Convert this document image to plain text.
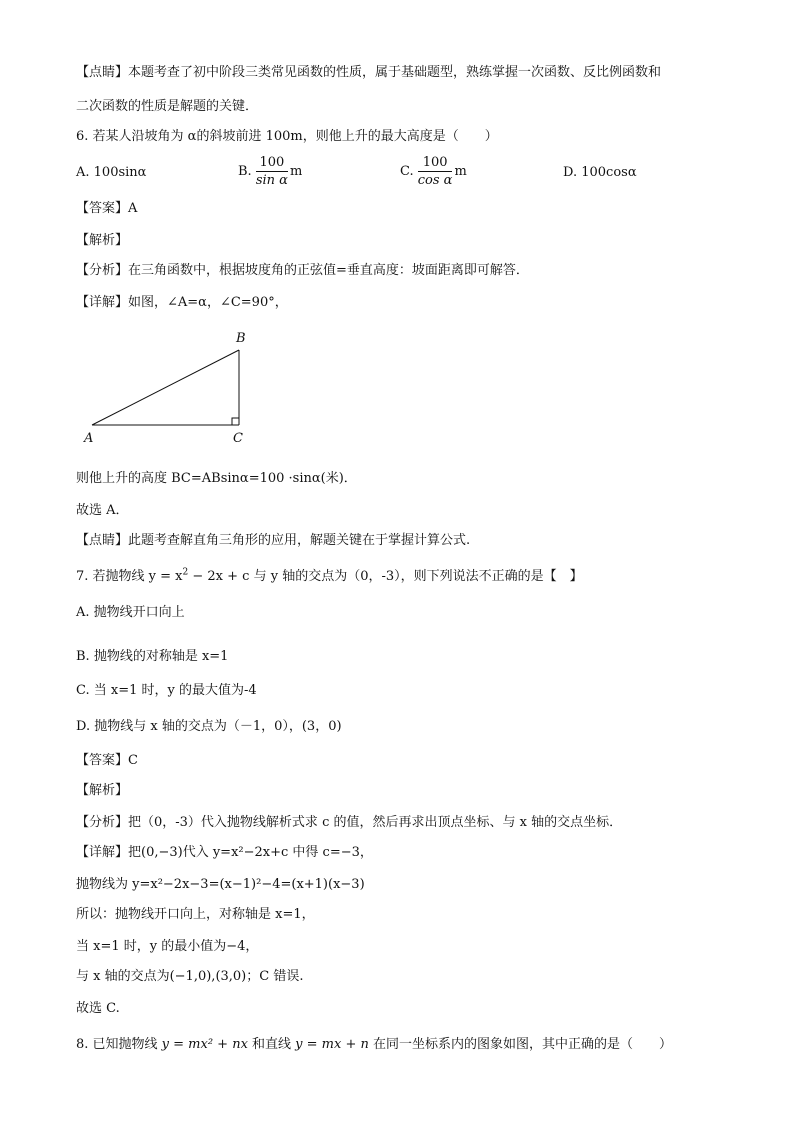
【点睛】本题考查了初中阶段三类常见函数的性质，属于基础题型，熟练掌握一次函数、反比例函数和
二次函数的性质是解题的关键．
6. 若某人沿坡角为 α的斜坡前进 100m，则他上升的最大高度是（　　）
A. 100sinα	B. $\frac{100}{\text{sin α}}$ m	C. $\frac{100}{\text{cos α}}$ m	D. 100cosα
【答案】A
【解析】
【分析】在三角函数中，根据坡度角的正弦值=垂直高度：坡面距离即可解答．
【详解】如图，∠A=α，∠C=90°，
B
A	C
则他上升的高度 BC=ABsinα=100 ·sinα(米)．
故选 A．
【点睛】此题考查解直角三角形的应用，解题关键在于掌握计算公式.
7. 若抛物线 $y = x^2 - 2x + c$ 与 y 轴的交点为（0，-3），则下列说法不正确的是【　】
A. 抛物线开口向上
B. 抛物线的对称轴是 x=1
C. 当 x=1 时，y 的最大值为-4
D. 抛物线与 x 轴的交点为（－1，0），(3，0)
【答案】C
【解析】
【分析】把（0，-3）代入抛物线解析式求 c 的值，然后再求出顶点坐标、与 x 轴的交点坐标．
【详解】把(0,−3)代入 y=x²−2x+c 中得 c=−3，
抛物线为 y=x²−2x−3=(x−1)²−4=(x+1)(x−3)
所以：抛物线开口向上，对称轴是 x=1，
当 x=1 时，y 的最小值为−4，
与 x 轴的交点为(−1,0),(3,0)；C 错误.
故选 C.
8. 已知抛物线 y = mx² + nx 和直线 y = mx + n 在同一坐标系内的图象如图，其中正确的是（　　）
